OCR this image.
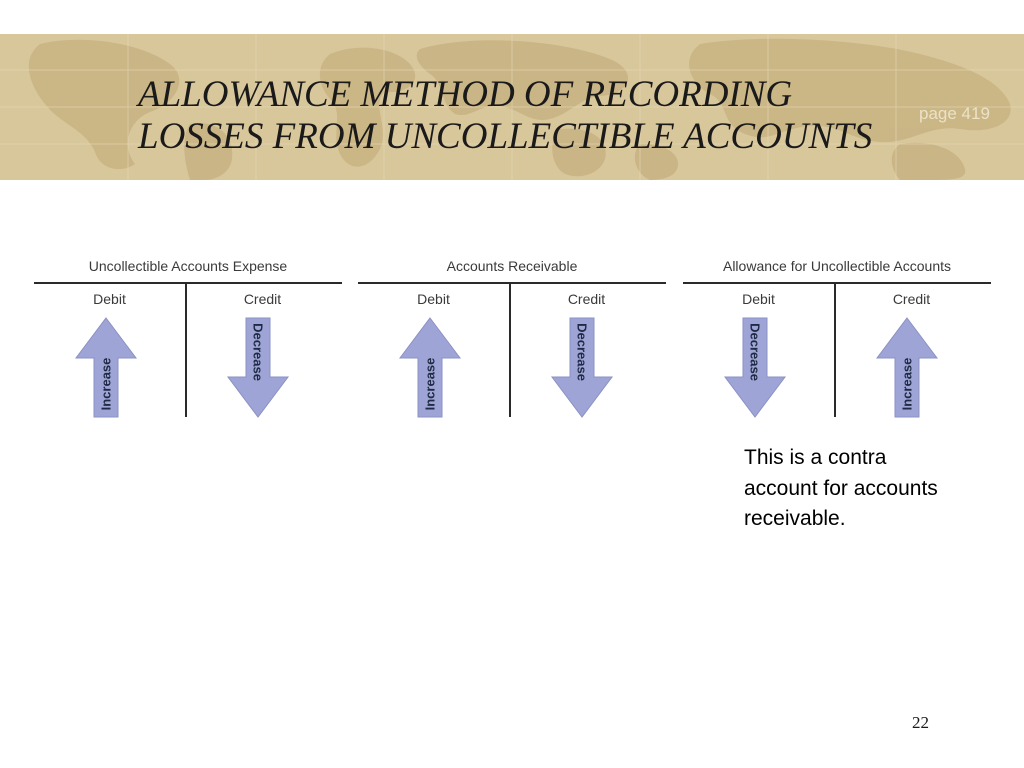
ALLOWANCE METHOD OF RECORDING
LOSSES FROM UNCOLLECTIBLE ACCOUNTS
page 419
Uncollectible Accounts Expense
Debit	Credit
Increase
Decrease
Accounts Receivable
Debit	Credit
Increase
Decrease
Allowance for Uncollectible Accounts
Debit	Credit
Decrease
Increase
This is a contra account for accounts receivable.
22
